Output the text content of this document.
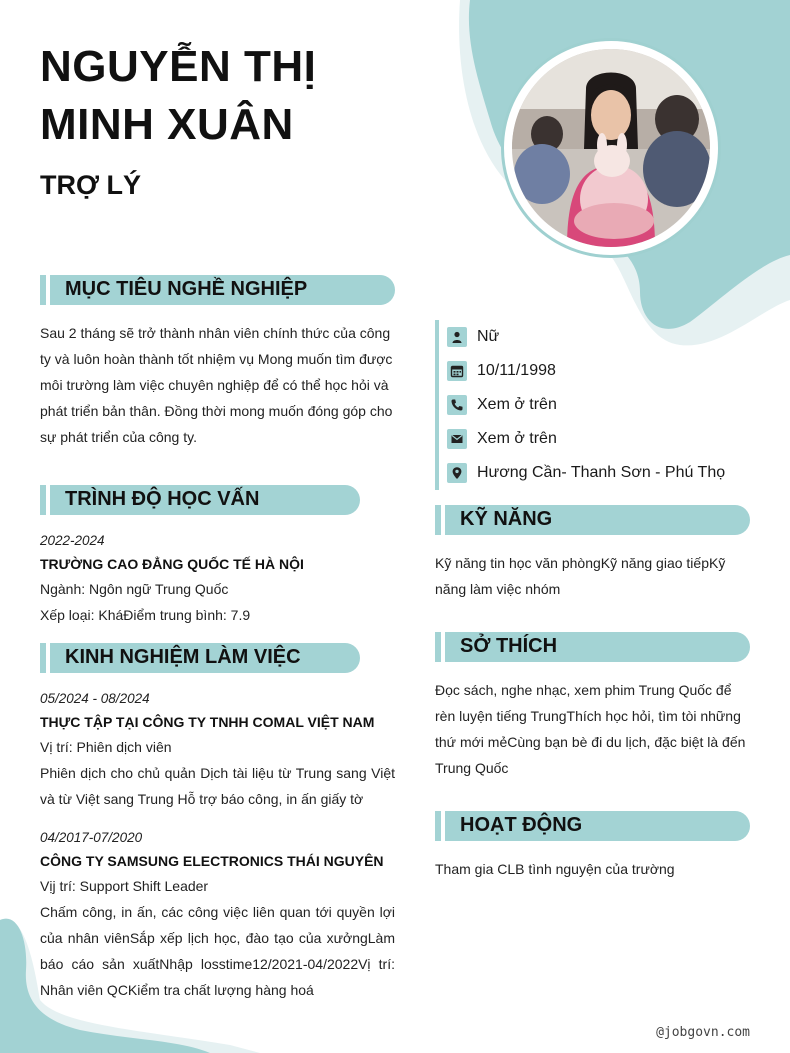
NGUYỄN THỊ
MINH XUÂN
TRỢ LÝ
Nữ
10/11/1998
Xem ở trên
Xem ở trên
Hương Cần- Thanh Sơn - Phú Thọ
MỤC TIÊU NGHỀ NGHIỆP
Sau 2 tháng sẽ trở thành nhân viên chính thức của công ty và luôn hoàn thành tốt nhiệm vụ Mong muốn tìm được môi trường làm việc chuyên nghiệp để có thể học hỏi và phát triển bản thân. Đồng thời mong muốn đóng góp cho sự phát triển của công ty.
TRÌNH ĐỘ HỌC VẤN
2022-2024
TRƯỜNG CAO ĐẲNG QUỐC TẾ HÀ NỘI
Ngành: Ngôn ngữ Trung Quốc
Xếp loại: KháĐiểm trung bình: 7.9
KINH NGHIỆM LÀM VIỆC
05/2024 - 08/2024
THỰC TẬP TẠI CÔNG TY TNHH COMAL VIỆT NAM
Vị trí: Phiên dịch viên
Phiên dịch cho chủ quản Dịch tài liệu từ Trung sang Việt và từ Việt sang Trung Hỗ trợ báo công, in ấn giấy tờ
04/2017-07/2020
CÔNG TY SAMSUNG ELECTRONICS THÁI NGUYÊN
Vịj trí: Support Shift Leader
Chấm công, in ấn, các công việc liên quan tới quyền lợi của nhân viênSắp xếp lịch học, đào tạo của xưởngLàm báo cáo sản xuấtNhập losstime12/2021-04/2022Vị trí: Nhân viên QCKiểm tra chất lượng hàng hoá
KỸ NĂNG
Kỹ năng tin học văn phòngKỹ năng giao tiếpKỹ năng làm việc nhóm
SỞ THÍCH
Đọc sách, nghe nhạc, xem phim Trung Quốc để rèn luyện tiếng TrungThích học hỏi, tìm tòi những thứ mới mẻCùng bạn bè đi du lịch, đặc biệt là đến Trung Quốc
HOẠT ĐỘNG
Tham gia CLB tình nguyện của trường
@jobgovn.com
